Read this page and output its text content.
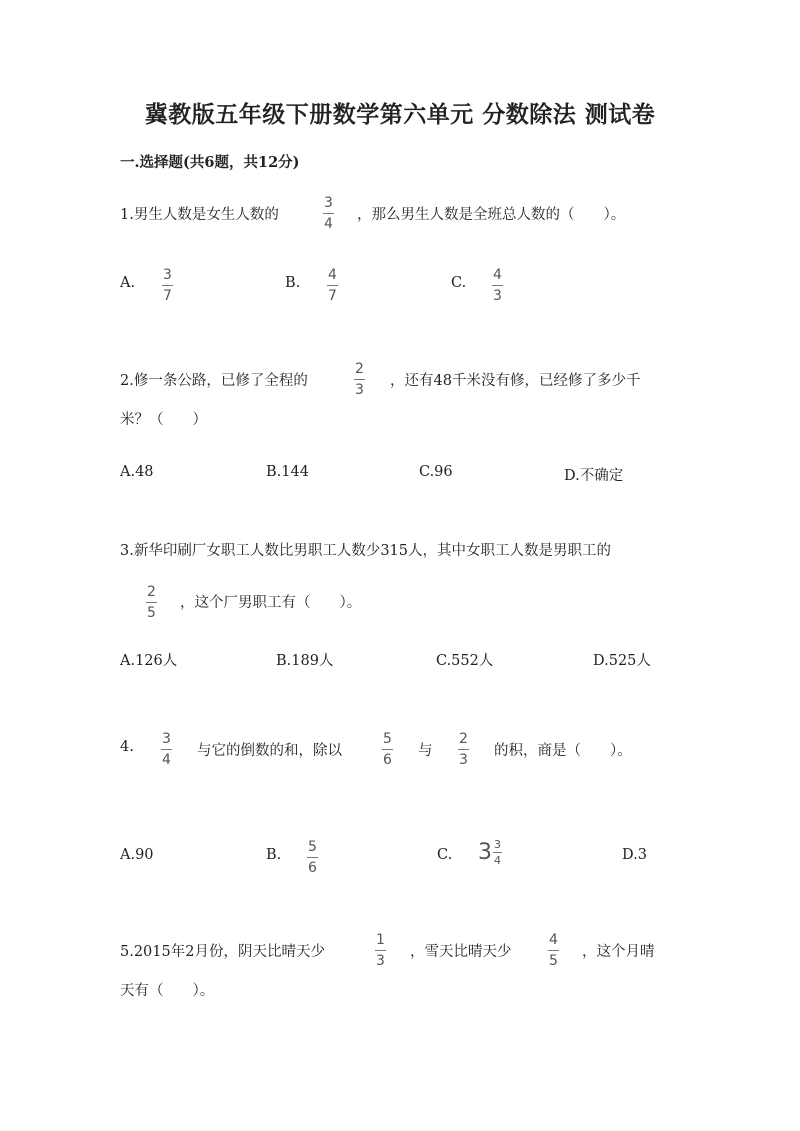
冀教版五年级下册数学第六单元 分数除法 测试卷
一.选择题(共6题，共12分)
1.男生人数是女生人数的
3
4
，那么男生人数是全班总人数的（　　）。
A. 3
7
B. 4
7
C. 4
3
2.修一条公路，已修了全程的
2
3
，还有48千米没有修，已经修了多少千
米？（　　）
A.48	B.144	C.96	D.不确定
3.新华印刷厂女职工人数比男职工人数少315人，其中女职工人数是男职工的
2
5
，这个厂男职工有（　　）。
A.126人	B.189人	C.552人	D.525人
4. 3
4
与它的倒数的和，除以
5
6
与
2
3
的积，商是（　　）。
A.90	B. 5
6
C. $3 \frac{3}{4}$	D.3
5.2015年2月份，阴天比晴天少
1
3
，雪天比晴天少
4
5
，这个月晴
天有（　　）。
